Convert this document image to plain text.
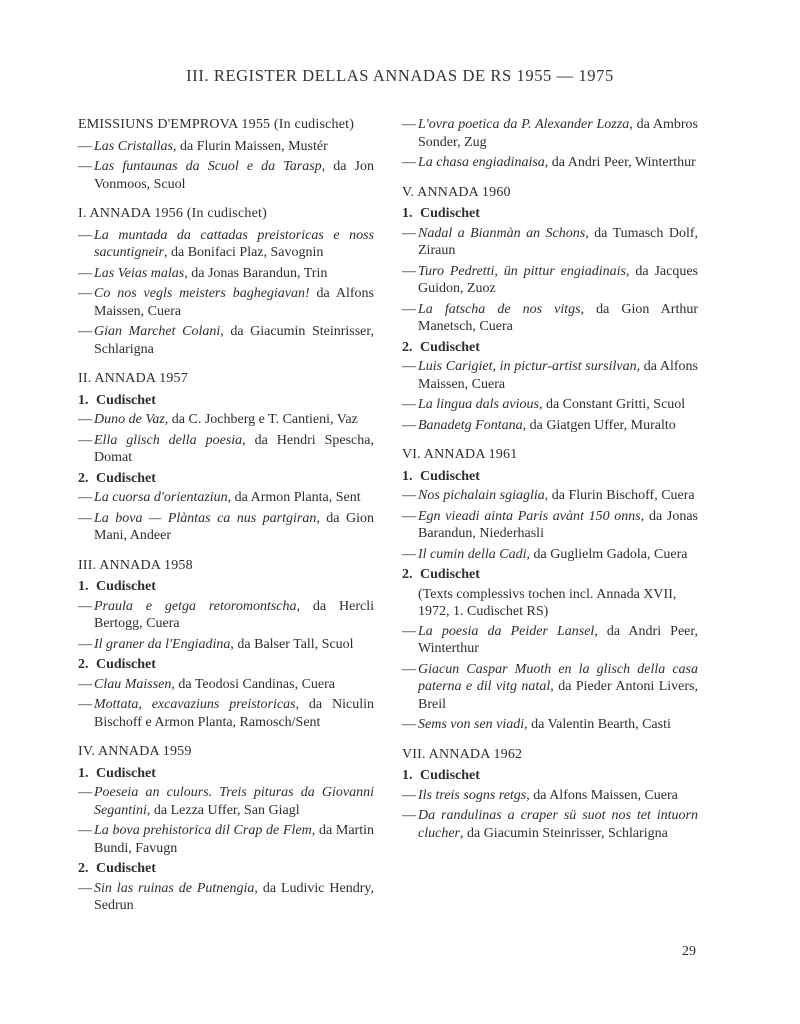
III. REGISTER DELLAS ANNADAS DE RS 1955 — 1975
EMISSIUNS D'EMPROVA 1955 (In cudischet)
— Las Cristallas, da Flurin Maissen, Mustér
— Las funtaunas da Scuol e da Tarasp, da Jon Vonmoos, Scuol
I. ANNADA 1956 (In cudischet)
— La muntada da cattadas preistoricas e noss sacuntigneir, da Bonifaci Plaz, Savognin
— Las Veias malas, da Jonas Barandun, Trin
— Co nos vegls meisters baghegiavan! da Alfons Maissen, Cuera
— Gian Marchet Colani, da Giacumin Steinrisser, Schlarigna
II. ANNADA 1957
1. Cudischet
— Duno de Vaz, da C. Jochberg e T. Cantieni, Vaz
— Ella glisch della poesia, da Hendri Spescha, Domat
2. Cudischet
— La cuorsa d'orientaziun, da Armon Planta, Sent
— La bova — Plàntas ca nus partgiran, da Gion Mani, Andeer
III. ANNADA 1958
1. Cudischet
— Praula e getga retoromontscha, da Hercli Bertogg, Cuera
— Il graner da l'Engiadina, da Balser Tall, Scuol
2. Cudischet
— Clau Maissen, da Teodosi Candinas, Cuera
— Mottata, excavaziuns preistoricas, da Niculin Bischoff e Armon Planta, Ramosch/Sent
IV. ANNADA 1959
1. Cudischet
— Poeseia an culours. Treis pituras da Giovanni Segantini, da Lezza Uffer, San Giagl
— La bova prehistorica dil Crap de Flem, da Martin Bundi, Favugn
2. Cudischet
— Sin las ruinas de Putnengia, da Ludivic Hendry, Sedrun
— L'ovra poetica da P. Alexander Lozza, da Ambros Sonder, Zug
— La chasa engiadinaisa, da Andri Peer, Winterthur
V. ANNADA 1960
1. Cudischet
— Nadal a Bianmàn an Schons, da Tumasch Dolf, Ziraun
— Turo Pedretti, ün pittur engiadinais, da Jacques Guidon, Zuoz
— La fatscha de nos vitgs, da Gion Arthur Manetsch, Cuera
2. Cudischet
— Luis Carigiet, in pictur-artist sursilvan, da Alfons Maissen, Cuera
— La lingua dals avious, da Constant Gritti, Scuol
— Banadetg Fontana, da Giatgen Uffer, Muralto
VI. ANNADA 1961
1. Cudischet
— Nos pichalain sgiaglia, da Flurin Bischoff, Cuera
— Egn vieadi ainta Paris avànt 150 onns, da Jonas Barandun, Niederhasli
— Il cumin della Cadi, da Guglielm Gadola, Cuera
2. Cudischet
(Texts complessivs tochen incl. Annada XVII, 1972, 1. Cudischet RS)
— La poesia da Peider Lansel, da Andri Peer, Winterthur
— Giacun Caspar Muoth en la glisch della casa paterna e dil vitg natal, da Pieder Antoni Livers, Breil
— Sems von sen viadi, da Valentin Bearth, Casti
VII. ANNADA 1962
1. Cudischet
— Ils treis sogns retgs, da Alfons Maissen, Cuera
— Da randulinas a craper sü suot nos tet intuorn clucher, da Giacumin Steinrisser, Schlarigna
29
